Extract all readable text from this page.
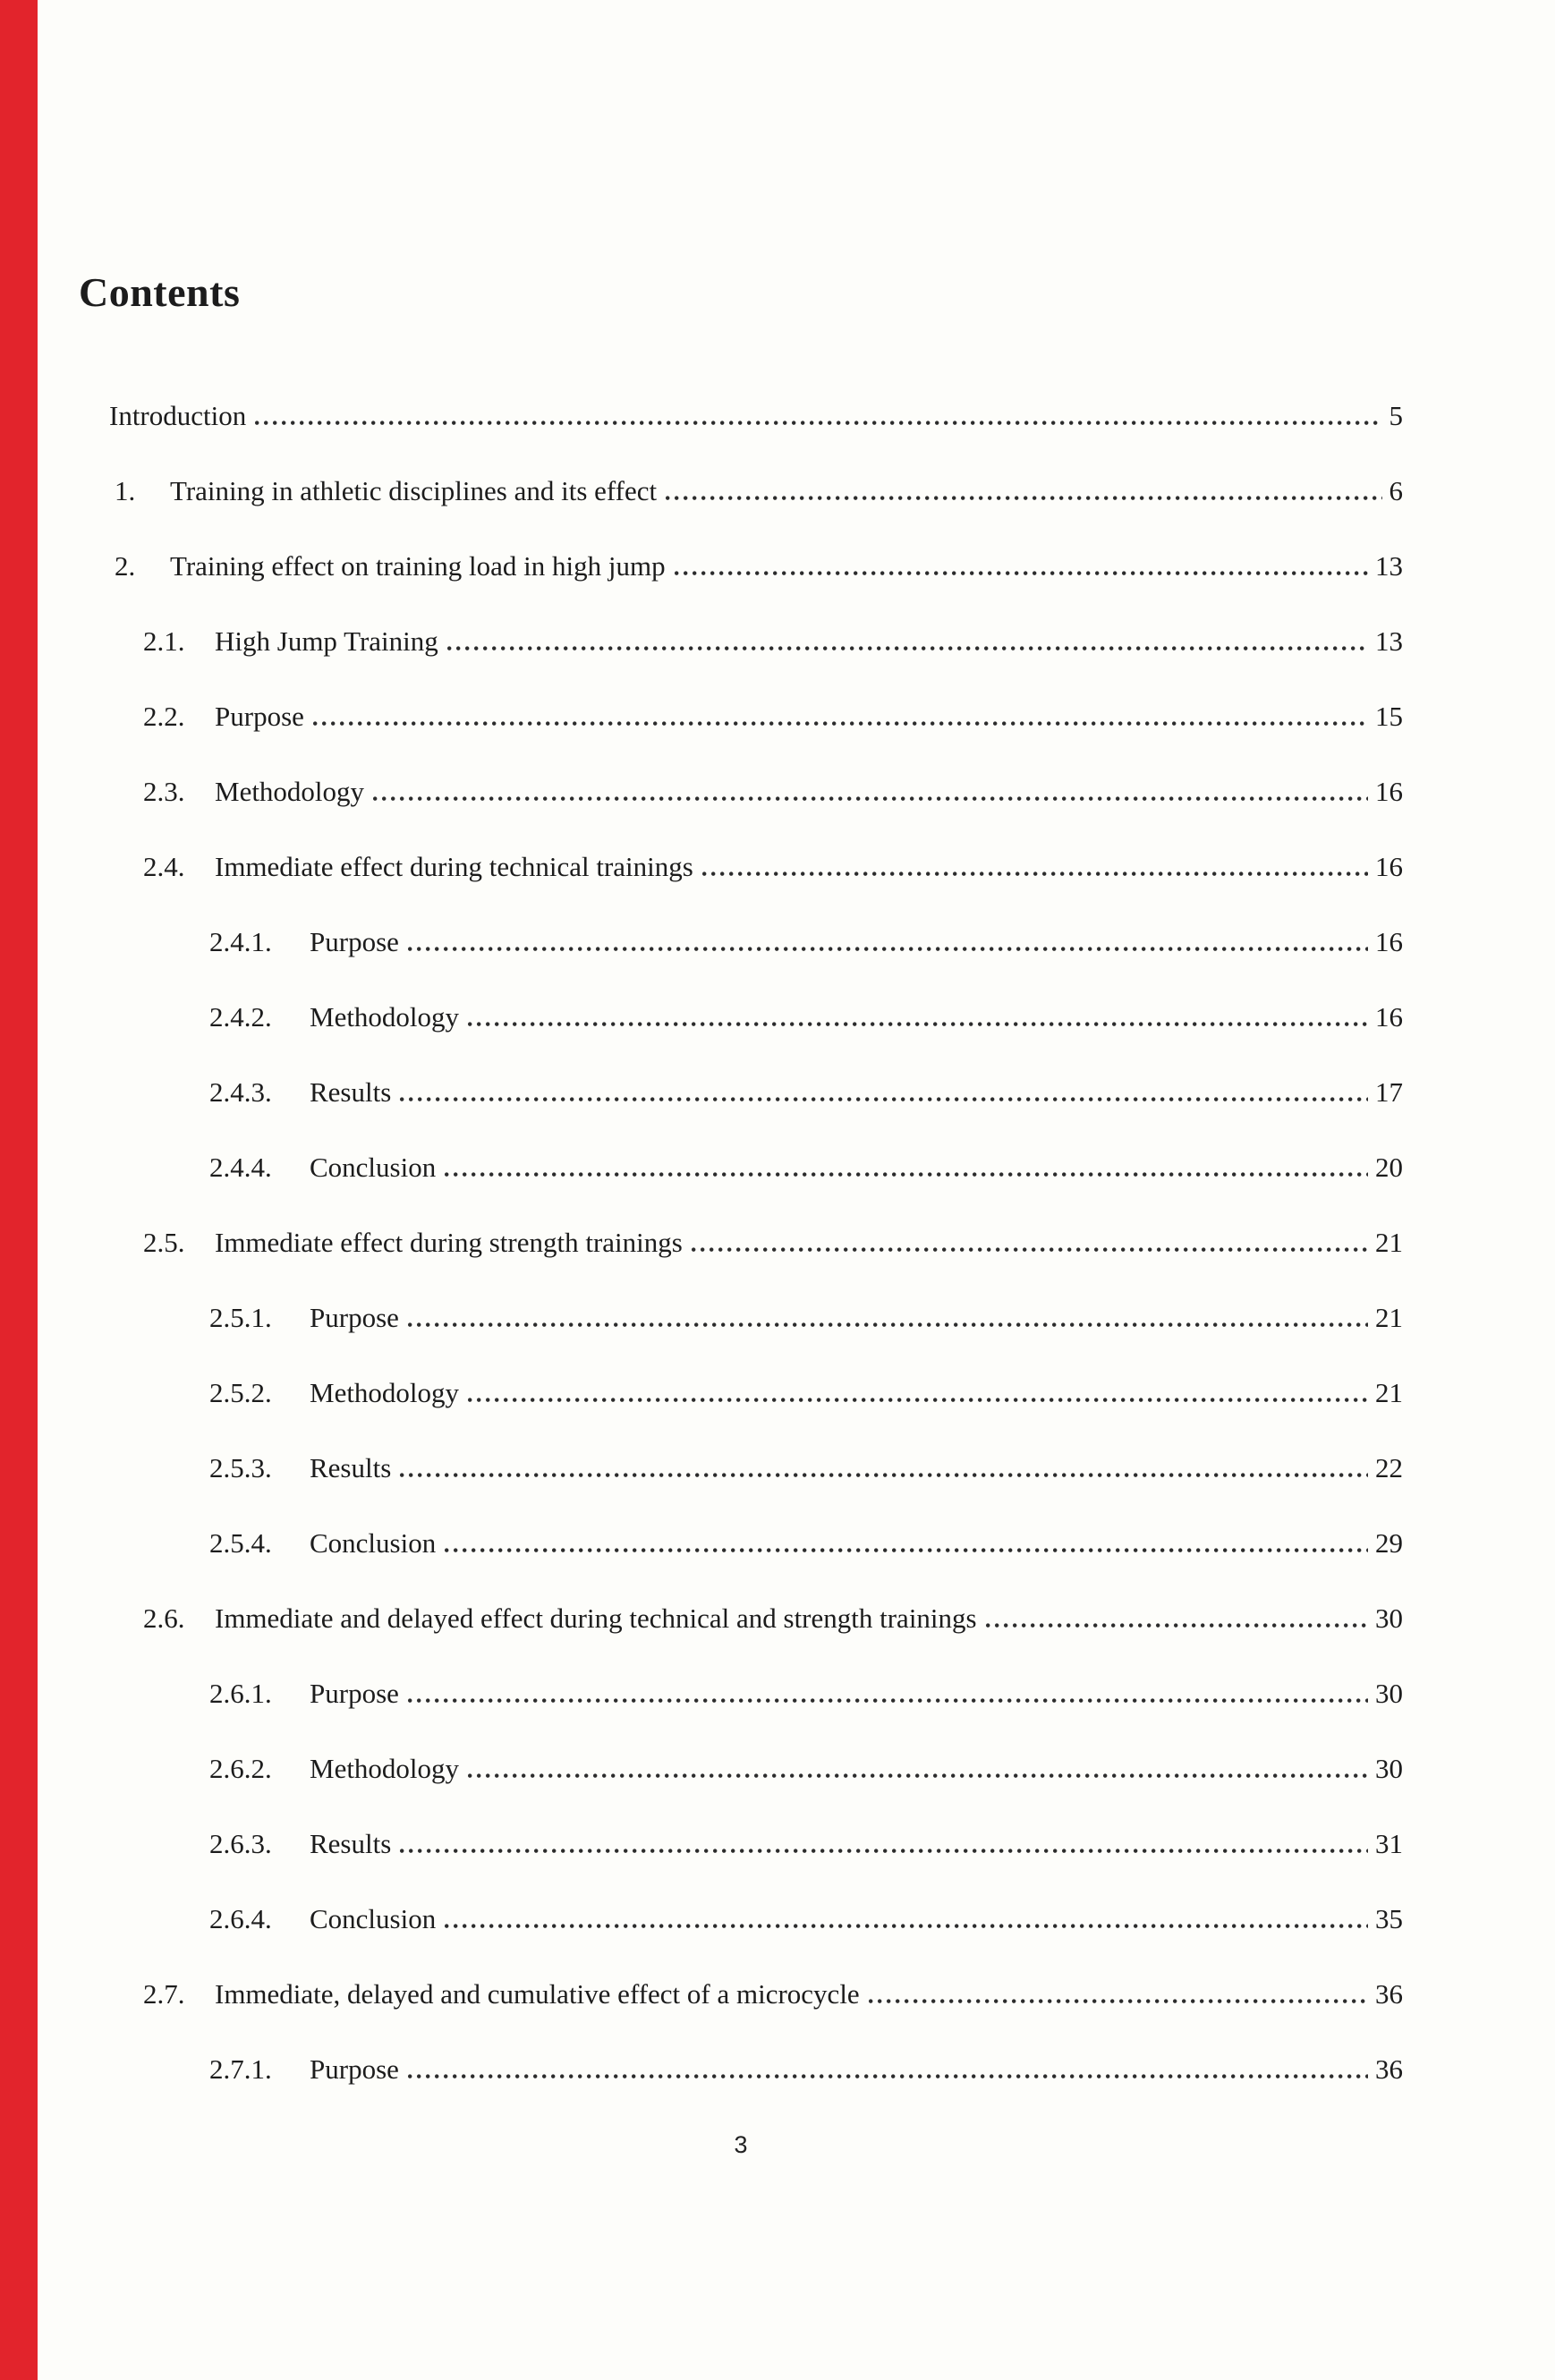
Contents
Introduction	5
1.	Training in athletic disciplines and its effect	6
2.	Training effect on training load in high jump	13
2.1.	High Jump Training	13
2.2.	Purpose	15
2.3.	Methodology	16
2.4.	Immediate effect during technical trainings	16
2.4.1.	Purpose	16
2.4.2.	Methodology	16
2.4.3.	Results	17
2.4.4.	Conclusion	20
2.5.	Immediate effect during strength trainings	21
2.5.1.	Purpose	21
2.5.2.	Methodology	21
2.5.3.	Results	22
2.5.4.	Conclusion	29
2.6.	Immediate and delayed effect during technical and strength trainings	30
2.6.1.	Purpose	30
2.6.2.	Methodology	30
2.6.3.	Results	31
2.6.4.	Conclusion	35
2.7.	Immediate, delayed and cumulative effect of a microcycle	36
2.7.1.	Purpose	36
3
